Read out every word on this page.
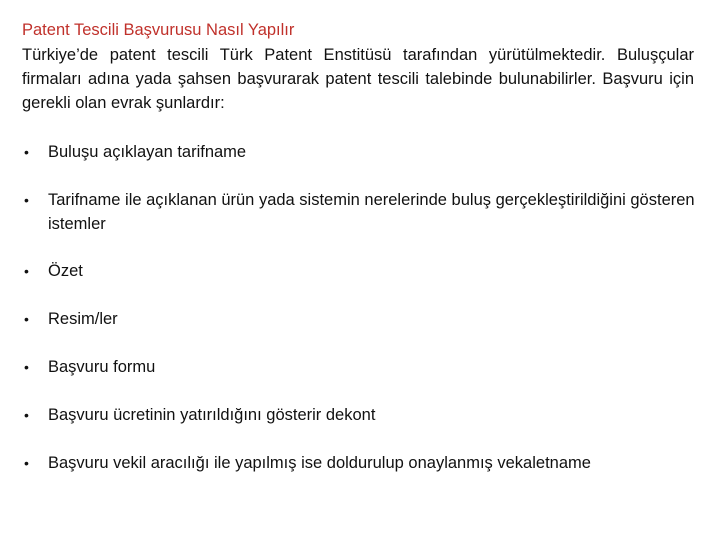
Patent Tescili Başvurusu Nasıl Yapılır
Türkiye’de patent tescili Türk Patent Enstitüsü tarafından yürütülmektedir. Buluşçular firmaları adına yada şahsen başvurarak patent tescili talebinde bulunabilirler. Başvuru için gerekli olan evrak şunlardır:
•	Buluşu açıklayan tarifname
•	Tarifname ile açıklanan ürün yada sistemin nerelerinde buluş gerçekleştirildiğini gösteren istemler
•	Özet
•	Resim/ler
•	Başvuru formu
•	Başvuru ücretinin yatırıldığını gösterir dekont
•	Başvuru vekil aracılığı ile yapılmış ise doldurulup onaylanmış vekaletname
